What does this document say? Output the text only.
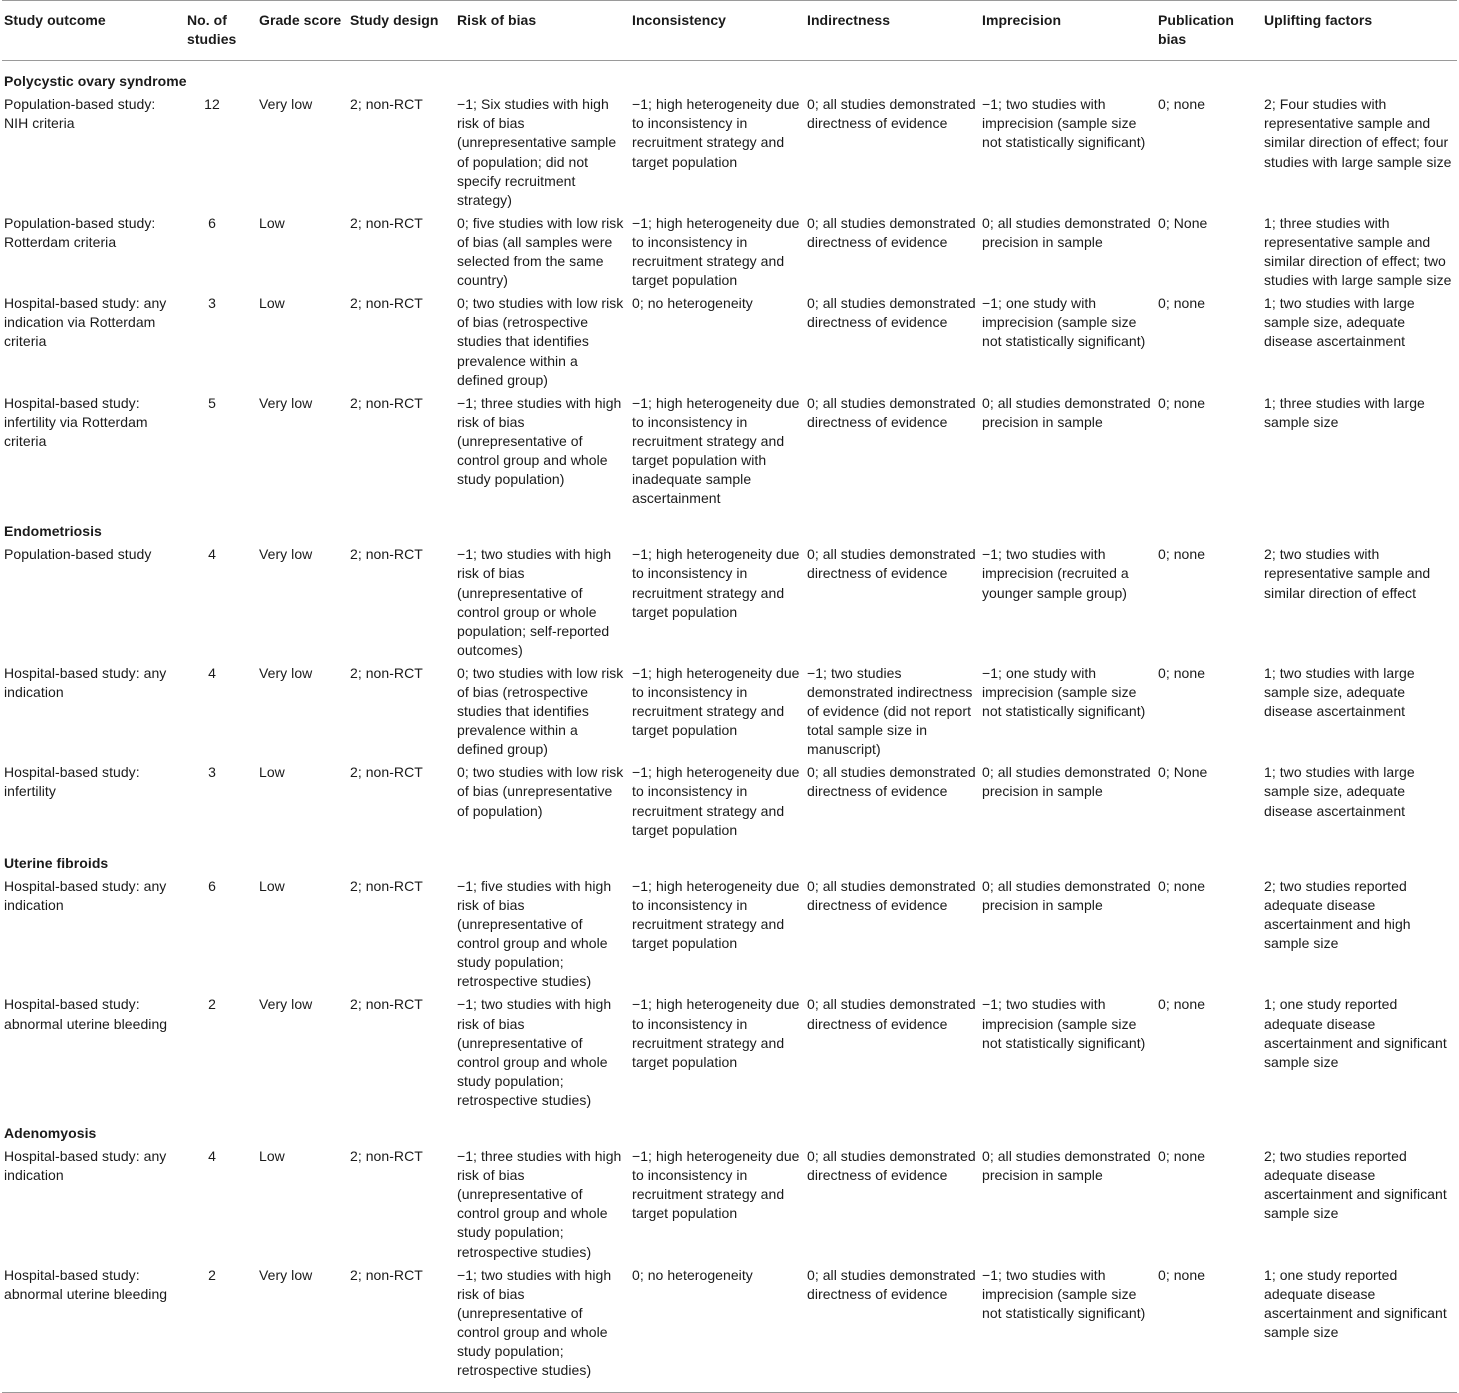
Study outcome	No. of studies	Grade score	Study design	Risk of bias	Inconsistency	Indirectness	Imprecision	Publication bias	Uplifting factors
Polycystic ovary syndrome									
Population-based study: NIH criteria	12	Very low	2; non-RCT	−1; Six studies with high risk of bias (unrepresentative sample of population; did not specify recruitment strategy)	−1; high heterogeneity due to inconsistency in recruitment strategy and target population	0; all studies demonstrated directness of evidence	−1; two studies with imprecision (sample size not statistically significant)	0; none	2; Four studies with representative sample and similar direction of effect; four studies with large sample size
Population-based study: Rotterdam criteria	6	Low	2; non-RCT	0; five studies with low risk of bias (all samples were selected from the same country)	−1; high heterogeneity due to inconsistency in recruitment strategy and target population	0; all studies demonstrated directness of evidence	0; all studies demonstrated precision in sample	0; None	1; three studies with representative sample and similar direction of effect; two studies with large sample size
Hospital-based study: any indication via Rotterdam criteria	3	Low	2; non-RCT	0; two studies with low risk of bias (retrospective studies that identifies prevalence within a defined group)	0; no heterogeneity	0; all studies demonstrated directness of evidence	−1; one study with imprecision (sample size not statistically significant)	0; none	1; two studies with large sample size, adequate disease ascertainment
Hospital-based study: infertility via Rotterdam criteria	5	Very low	2; non-RCT	−1; three studies with high risk of bias (unrepresentative of control group and whole study population)	−1; high heterogeneity due to inconsistency in recruitment strategy and target population with inadequate sample ascertainment	0; all studies demonstrated directness of evidence	0; all studies demonstrated precision in sample	0; none	1; three studies with large sample size
Endometriosis									
Population-based study	4	Very low	2; non-RCT	−1; two studies with high risk of bias (unrepresentative of control group or whole population; self-reported outcomes)	−1; high heterogeneity due to inconsistency in recruitment strategy and target population	0; all studies demonstrated directness of evidence	−1; two studies with imprecision (recruited a younger sample group)	0; none	2; two studies with representative sample and similar direction of effect
Hospital-based study: any indication	4	Very low	2; non-RCT	0; two studies with low risk of bias (retrospective studies that identifies prevalence within a defined group)	−1; high heterogeneity due to inconsistency in recruitment strategy and target population	−1; two studies demonstrated indirectness of evidence (did not report total sample size in manuscript)	−1; one study with imprecision (sample size not statistically significant)	0; none	1; two studies with large sample size, adequate disease ascertainment
Hospital-based study: infertility	3	Low	2; non-RCT	0; two studies with low risk of bias (unrepresentative of population)	−1; high heterogeneity due to inconsistency in recruitment strategy and target population	0; all studies demonstrated directness of evidence	0; all studies demonstrated precision in sample	0; None	1; two studies with large sample size, adequate disease ascertainment
Uterine fibroids									
Hospital-based study: any indication	6	Low	2; non-RCT	−1; five studies with high risk of bias (unrepresentative of control group and whole study population; retrospective studies)	−1; high heterogeneity due to inconsistency in recruitment strategy and target population	0; all studies demonstrated directness of evidence	0; all studies demonstrated precision in sample	0; none	2; two studies reported adequate disease ascertainment and high sample size
Hospital-based study: abnormal uterine bleeding	2	Very low	2; non-RCT	−1; two studies with high risk of bias (unrepresentative of control group and whole study population; retrospective studies)	−1; high heterogeneity due to inconsistency in recruitment strategy and target population	0; all studies demonstrated directness of evidence	−1; two studies with imprecision (sample size not statistically significant)	0; none	1; one study reported adequate disease ascertainment and significant sample size
Adenomyosis									
Hospital-based study: any indication	4	Low	2; non-RCT	−1; three studies with high risk of bias (unrepresentative of control group and whole study population; retrospective studies)	−1; high heterogeneity due to inconsistency in recruitment strategy and target population	0; all studies demonstrated directness of evidence	0; all studies demonstrated precision in sample	0; none	2; two studies reported adequate disease ascertainment and significant sample size
Hospital-based study: abnormal uterine bleeding	2	Very low	2; non-RCT	−1; two studies with high risk of bias (unrepresentative of control group and whole study population; retrospective studies)	0; no heterogeneity	0; all studies demonstrated directness of evidence	−1; two studies with imprecision (sample size not statistically significant)	0; none	1; one study reported adequate disease ascertainment and significant sample size
